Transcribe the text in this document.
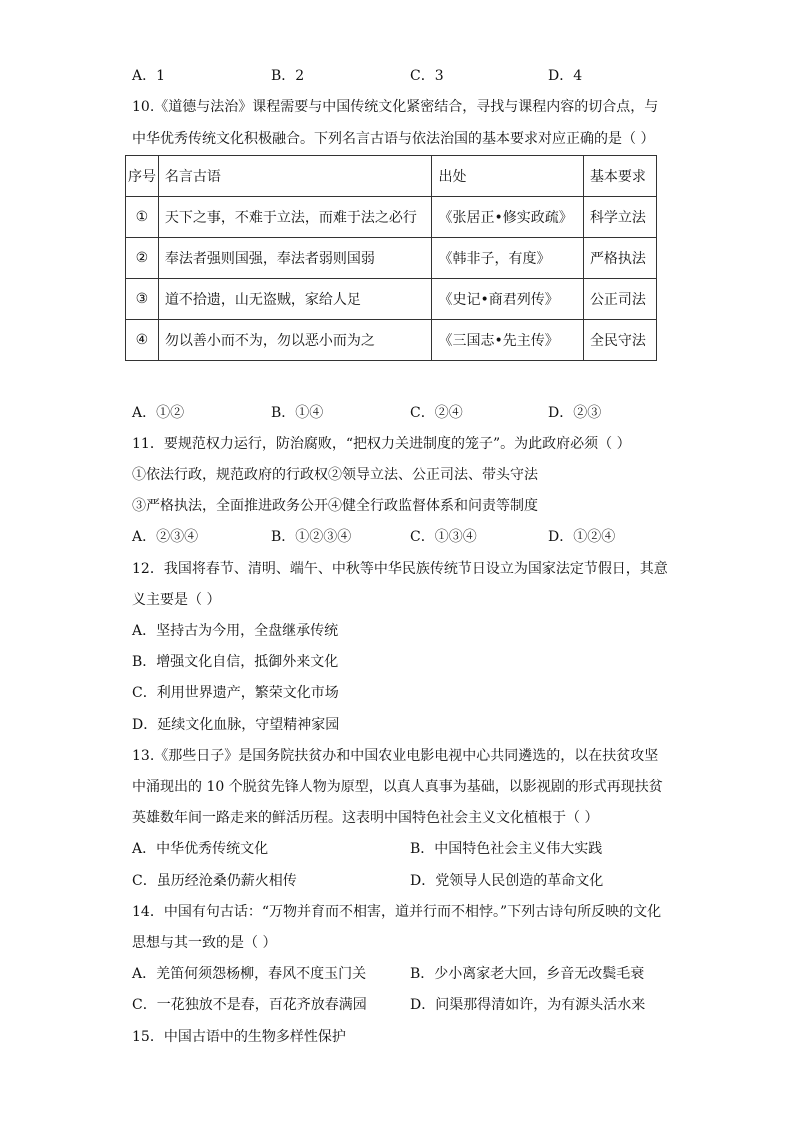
A．1	B．2	C．3	D．4
10.《道德与法治》课程需要与中国传统文化紧密结合，寻找与课程内容的切合点，与
中华优秀传统文化积极融合。下列名言古语与依法治国的基本要求对应正确的是（ ）
序号	名言古语	出处	基本要求
①	天下之事，不难于立法，而难于法之必行	《张居正•修实政疏》	科学立法
②	奉法者强则国强，奉法者弱则国弱	《韩非子，有度》	严格执法
③	道不拾遗，山无盗贼，家给人足	《史记•商君列传》	公正司法
④	勿以善小而不为，勿以恶小而为之	《三国志•先主传》	全民守法
A．①②	B．①④	C．②④	D．②③
11．要规范权力运行，防治腐败，“把权力关进制度的笼子”。为此政府必须（ ）
①依法行政，规范政府的行政权②领导立法、公正司法、带头守法
③严格执法，全面推进政务公开④健全行政监督体系和问责等制度
A．②③④	B．①②③④	C．①③④	D．①②④
12．我国将春节、清明、端午、中秋等中华民族传统节日设立为国家法定节假日，其意
义主要是（ ）
A．坚持古为今用，全盘继承传统
B．增强文化自信，抵御外来文化
C．利用世界遗产，繁荣文化市场
D．延续文化血脉，守望精神家园
13.《那些日子》是国务院扶贫办和中国农业电影电视中心共同遴选的，以在扶贫攻坚
中涌现出的 10 个脱贫先锋人物为原型，以真人真事为基础，以影视剧的形式再现扶贫
英雄数年间一路走来的鲜活历程。这表明中国特色社会主义文化植根于（ ）
A．中华优秀传统文化	B．中国特色社会主义伟大实践
C．虽历经沧桑仍薪火相传	D．党领导人民创造的革命文化
14．中国有句古话：“万物并育而不相害，道并行而不相悖。”下列古诗句所反映的文化
思想与其一致的是（ ）
A．羌笛何须怨杨柳，春风不度玉门关	B．少小离家老大回，乡音无改鬓毛衰
C．一花独放不是春，百花齐放春满园	D．问渠那得清如许，为有源头活水来
15．中国古语中的生物多样性保护
